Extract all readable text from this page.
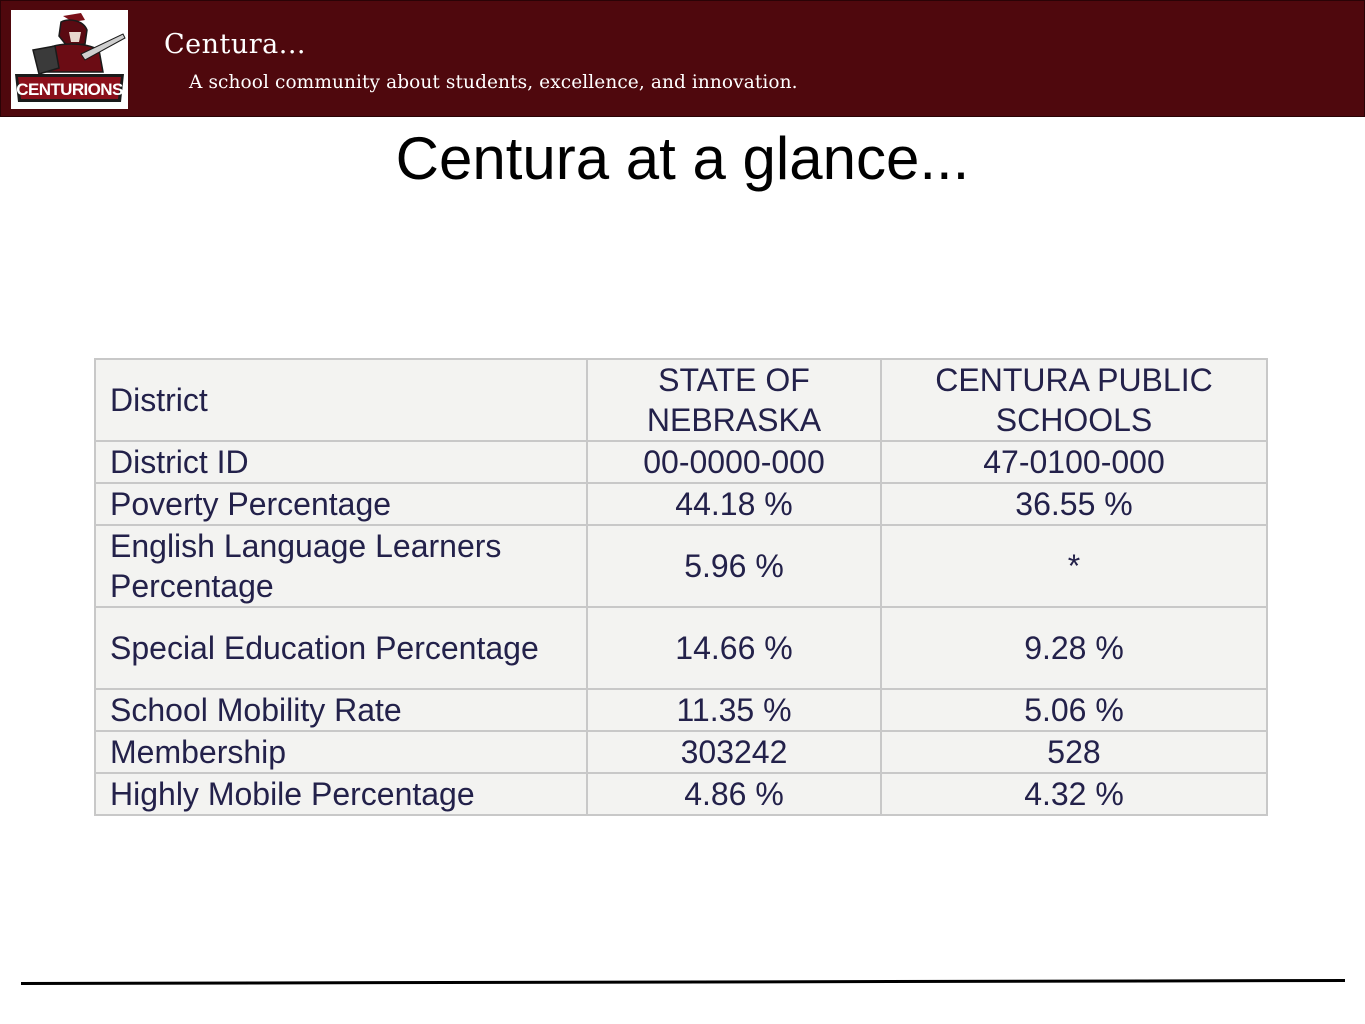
CENTURIONS
Centura...
A school community about students, excellence, and innovation.
Centura at a glance...
District	STATE OF NEBRASKA	CENTURA PUBLIC SCHOOLS
District ID	00-0000-000	47-0100-000
Poverty Percentage	44.18 %	36.55 %
English Language Learners Percentage	5.96 %	*
Special Education Percentage	14.66 %	9.28 %
School Mobility Rate	11.35 %	5.06 %
Membership	303242	528
Highly Mobile Percentage	4.86 %	4.32 %
